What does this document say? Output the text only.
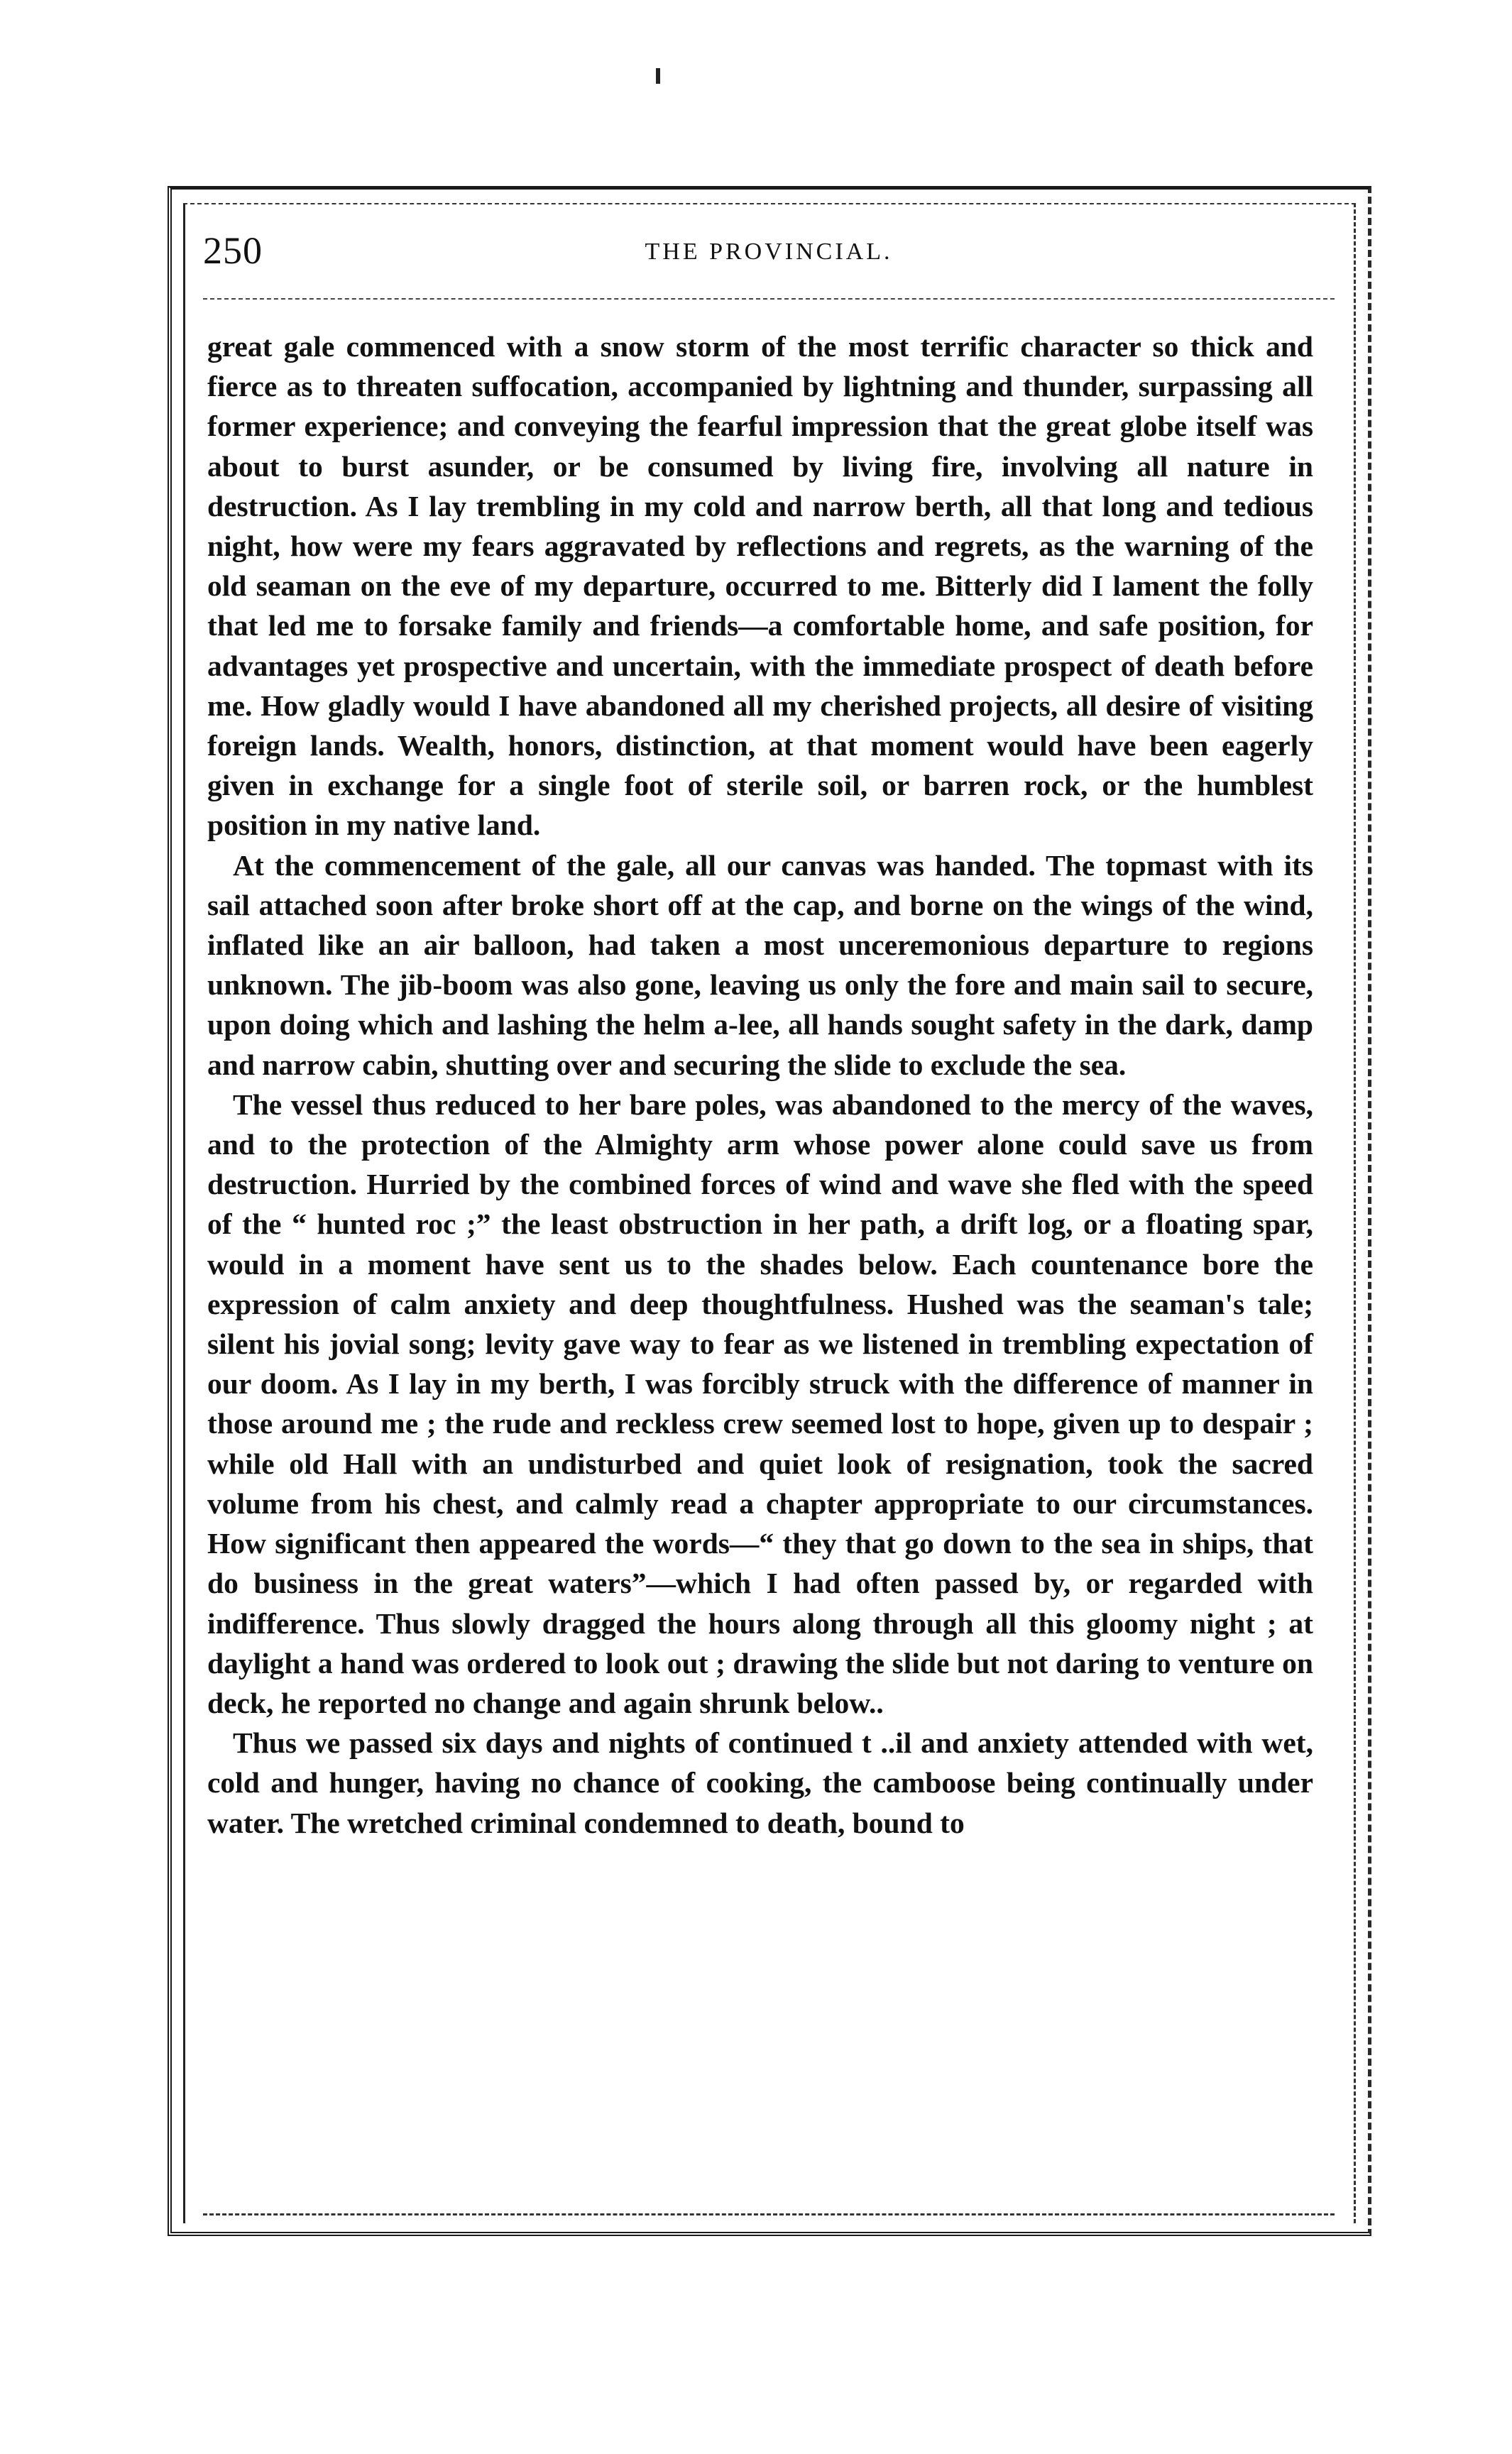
250	THE PROVINCIAL.

great gale commenced with a snow storm of the most terrific character so thick and fierce as to threaten suffocation, accompanied by lightning and thunder, surpassing all former experience; and conveying the fearful impression that the great globe itself was about to burst asunder, or be consumed by living fire, involving all nature in destruction. As I lay trembling in my cold and narrow berth, all that long and tedious night, how were my fears aggravated by reflections and regrets, as the warning of the old seaman on the eve of my departure, occurred to me. Bitterly did I lament the folly that led me to forsake family and friends—a comfortable home, and safe position, for advantages yet prospective and uncertain, with the immediate prospect of death before me. How gladly would I have abandoned all my cherished projects, all desire of visiting foreign lands. Wealth, honors, distinction, at that moment would have been eagerly given in exchange for a single foot of sterile soil, or barren rock, or the humblest position in my native land.

At the commencement of the gale, all our canvas was handed. The topmast with its sail attached soon after broke short off at the cap, and borne on the wings of the wind, inflated like an air balloon, had taken a most unceremonious departure to regions unknown. The jib-boom was also gone, leaving us only the fore and main sail to secure, upon doing which and lashing the helm a-lee, all hands sought safety in the dark, damp and narrow cabin, shutting over and securing the slide to exclude the sea.

The vessel thus reduced to her bare poles, was abandoned to the mercy of the waves, and to the protection of the Almighty arm whose power alone could save us from destruction. Hurried by the combined forces of wind and wave she fled with the speed of the “ hunted roc ;” the least obstruction in her path, a drift log, or a floating spar, would in a moment have sent us to the shades below. Each countenance bore the expression of calm anxiety and deep thoughtfulness. Hushed was the seaman's tale; silent his jovial song; levity gave way to fear as we listened in trembling expectation of our doom. As I lay in my berth, I was forcibly struck with the difference of manner in those around me ; the rude and reckless crew seemed lost to hope, given up to despair ; while old Hall with an undisturbed and quiet look of resignation, took the sacred volume from his chest, and calmly read a chapter appropriate to our circumstances. How significant then appeared the words—“ they that go down to the sea in ships, that do business in the great waters”—which I had often passed by, or regarded with indifference. Thus slowly dragged the hours along through all this gloomy night ; at daylight a hand was ordered to look out ; drawing the slide but not daring to venture on deck, he reported no change and again shrunk below..

Thus we passed six days and nights of continued t ..il and anxiety attended with wet, cold and hunger, having no chance of cooking, the camboose being continually under water. The wretched criminal condemned to death, bound to
